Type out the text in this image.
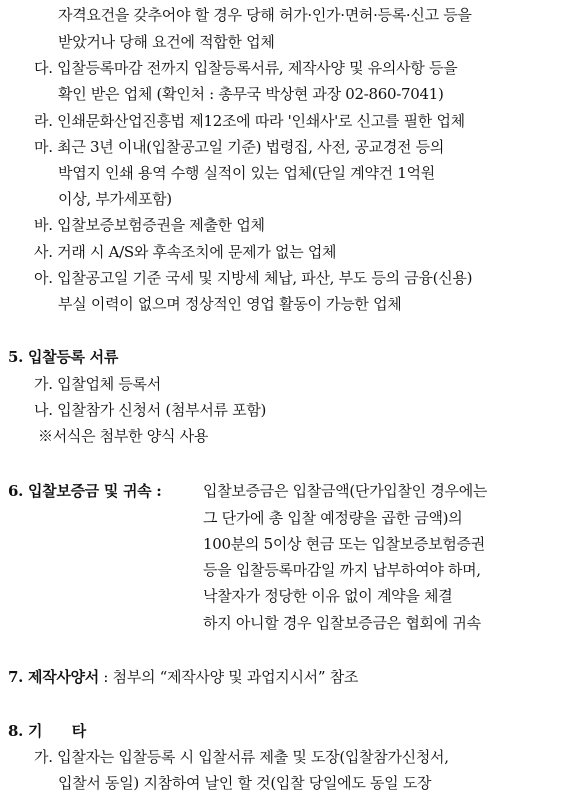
자격요건을 갖추어야 할 경우 당해 허가·인가·면허·등록·신고 등을
받았거나 당해 요건에 적합한 업체
다. 입찰등록마감 전까지 입찰등록서류, 제작사양 및 유의사항 등을
확인 받은 업체 (확인처 : 총무국 박상현 과장 02-860-7041)
라. 인쇄문화산업진흥법 제12조에 따라 '인쇄사'로 신고를 필한 업체
마. 최근 3년 이내(입찰공고일 기준) 법령집, 사전, 공교경전 등의
박엽지 인쇄 용역 수행 실적이 있는 업체(단일 계약건 1억원
이상, 부가세포함)
바. 입찰보증보험증권을 제출한 업체
사. 거래 시 A/S와 후속조치에 문제가 없는 업체
아. 입찰공고일 기준 국세 및 지방세 체납, 파산, 부도 등의 금융(신용)
부실 이력이 없으며 정상적인 영업 활동이 가능한 업체
5. 입찰등록 서류
가. 입찰업체 등록서
나. 입찰참가 신청서 (첨부서류 포함)
※서식은 첨부한 양식 사용
6. 입찰보증금 및 귀속 :	입찰보증금은 입찰금액(단가입찰인 경우에는
그 단가에 총 입찰 예정량을 곱한 금액)의
100분의 5이상 현금 또는 입찰보증보험증권
등을 입찰등록마감일 까지 납부하여야 하며,
낙찰자가 정당한 이유 없이 계약을 체결
하지 아니할 경우 입찰보증금은 협회에 귀속
7. 제작사양서 : 첨부의 “제작사양 및 과업지시서” 참조
8. 기      타
가. 입찰자는 입찰등록 시 입찰서류 제출 및 도장(입찰참가신청서,
입찰서 동일) 지참하여 날인 할 것(입찰 당일에도 동일 도장
